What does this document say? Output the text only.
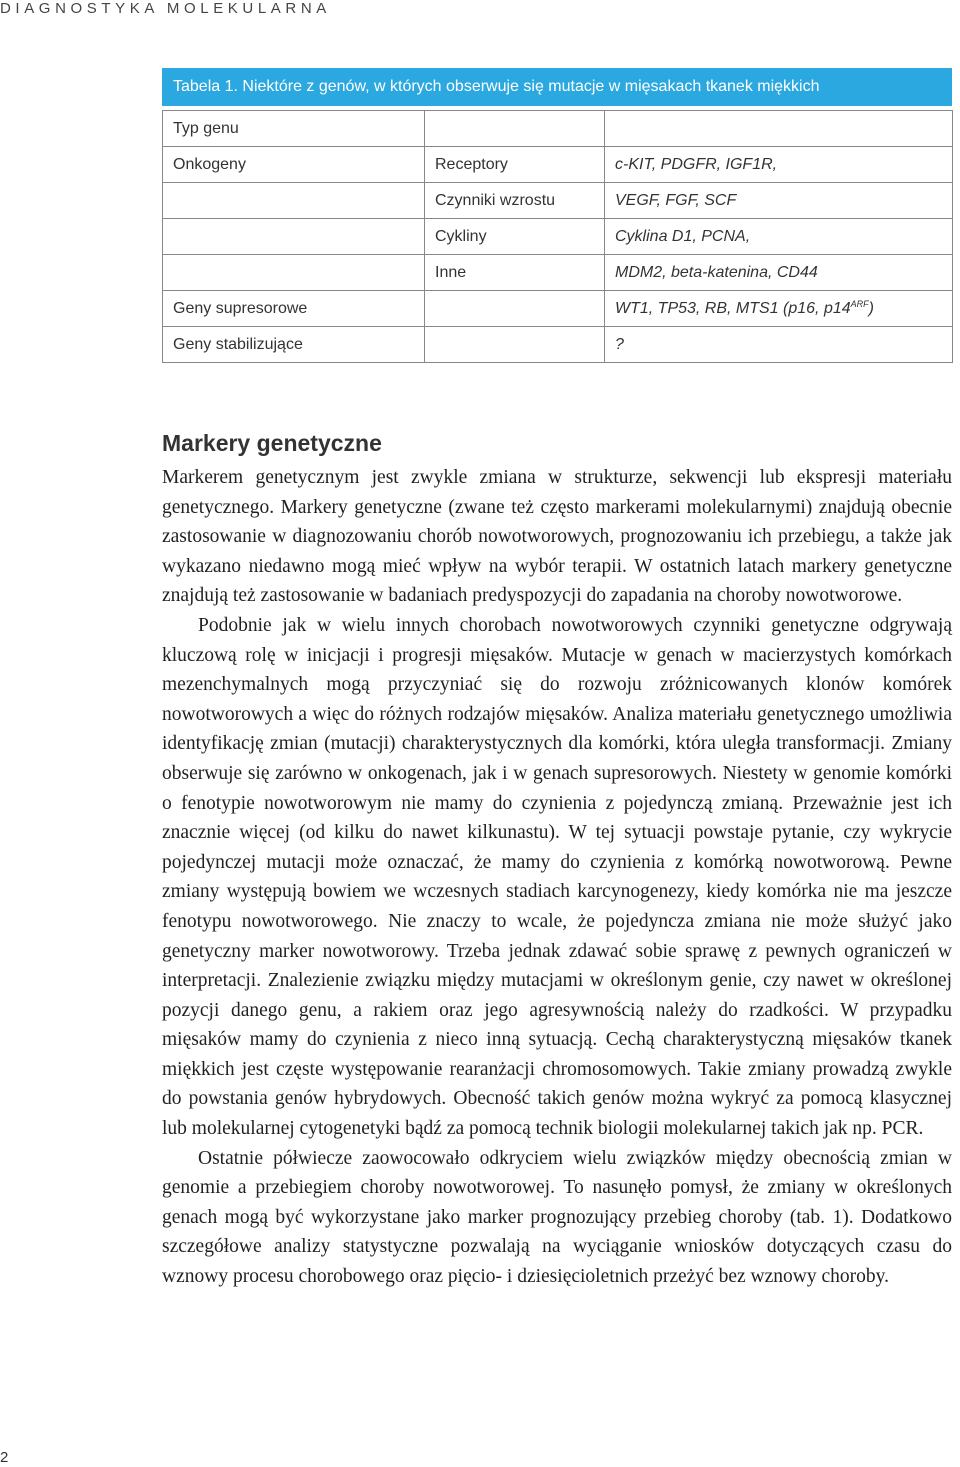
DIAGNOSTYKA MOLEKULARNA
Tabela 1. Niektóre z genów, w których obserwuje się mutacje w mięsakach tkanek miękkich
Typ genu		
Onkogeny	Receptory	c-KIT, PDGFR, IGF1R,
	Czynniki wzrostu	VEGF, FGF, SCF
	Cykliny	Cyklina D1, PCNA,
	Inne	MDM2, beta-katenina, CD44
Geny supresorowe		WT1, TP53, RB, MTS1 (p16, $p14^{ARF}$)
Geny stabilizujące		?
Markery genetyczne

Markerem genetycznym jest zwykle zmiana w strukturze, sekwencji lub ekspresji materiału genetycznego. Markery genetyczne (zwane też często markerami molekularnymi) znajdują obecnie zastosowanie w diagnozowaniu chorób nowotworowych, prognozowaniu ich przebiegu, a także jak wykazano niedawno mogą mieć wpływ na wybór terapii. W ostatnich latach markery genetyczne znajdują też zastosowanie w badaniach predyspozycji do zapadania na choroby nowotworowe.

Podobnie jak w wielu innych chorobach nowotworowych czynniki genetyczne odgrywają kluczową rolę w inicjacji i progresji mięsaków. Mutacje w genach w macierzystych komórkach mezenchymalnych mogą przyczyniać się do rozwoju zróżnicowanych klonów komórek nowotworowych a więc do różnych rodzajów mięsaków. Analiza materiału genetycznego umożliwia identyfikację zmian (mutacji) charakterystycznych dla komórki, która uległa transformacji. Zmiany obserwuje się zarówno w onkogenach, jak i w genach supresorowych. Niestety w genomie komórki o fenotypie nowotworowym nie mamy do czynienia z pojedynczą zmianą. Przeważnie jest ich znacznie więcej (od kilku do nawet kilkunastu). W tej sytuacji powstaje pytanie, czy wykrycie pojedynczej mutacji może oznaczać, że mamy do czynienia z komórką nowotworową. Pewne zmiany występują bowiem we wczesnych stadiach karcynogenezy, kiedy komórka nie ma jeszcze fenotypu nowotworowego. Nie znaczy to wcale, że pojedyncza zmiana nie może służyć jako genetyczny marker nowotworowy. Trzeba jednak zdawać sobie sprawę z pewnych ograniczeń w interpretacji. Znalezienie związku między mutacjami w określonym genie, czy nawet w określonej pozycji danego genu, a rakiem oraz jego agresywnością należy do rzadkości. W przypadku mięsaków mamy do czynienia z nieco inną sytuacją. Cechą charakterystyczną mięsaków tkanek miękkich jest częste występowanie rearanżacji chromosomowych. Takie zmiany prowadzą zwykle do powstania genów hybrydowych. Obecność takich genów można wykryć za pomocą klasycznej lub molekularnej cytogenetyki bądź za pomocą technik biologii molekularnej takich jak np. PCR.

Ostatnie półwiecze zaowocowało odkryciem wielu związków między obecnością zmian w genomie a przebiegiem choroby nowotworowej. To nasunęło pomysł, że zmiany w określonych genach mogą być wykorzystane jako marker prognozujący przebieg choroby (tab. 1). Dodatkowo szczegółowe analizy statystyczne pozwalają na wyciąganie wniosków dotyczących czasu do wznowy procesu chorobowego oraz pięcio- i dziesięcioletnich przeżyć bez wznowy choroby.

2
